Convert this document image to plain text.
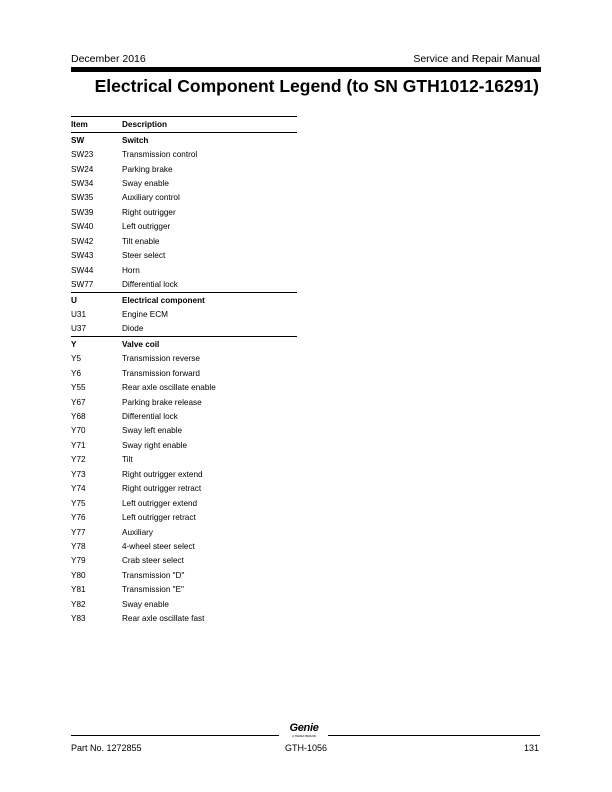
December 2016	Service and Repair Manual
Electrical Component Legend (to SN GTH1012-16291)
Item	Description
SW	Switch
SW23	Transmission control
SW24	Parking brake
SW34	Sway enable
SW35	Auxiliary control
SW39	Right outrigger
SW40	Left outrigger
SW42	Tilt enable
SW43	Steer select
SW44	Horn
SW77	Differential lock
U	Electrical component
U31	Engine ECM
U37	Diode
Y	Valve coil
Y5	Transmission reverse
Y6	Transmission forward
Y55	Rear axle oscillate enable
Y67	Parking brake release
Y68	Differential lock
Y70	Sway left enable
Y71	Sway right enable
Y72	Tilt
Y73	Right outrigger extend
Y74	Right outrigger retract
Y75	Left outrigger extend
Y76	Left outrigger retract
Y77	Auxiliary
Y78	4-wheel steer select
Y79	Crab steer select
Y80	Transmission "D"
Y81	Transmission "E"
Y82	Sway enable
Y83	Rear axle oscillate fast
Genie
A TEREX BRAND
Part No. 1272855	GTH-1056	131
